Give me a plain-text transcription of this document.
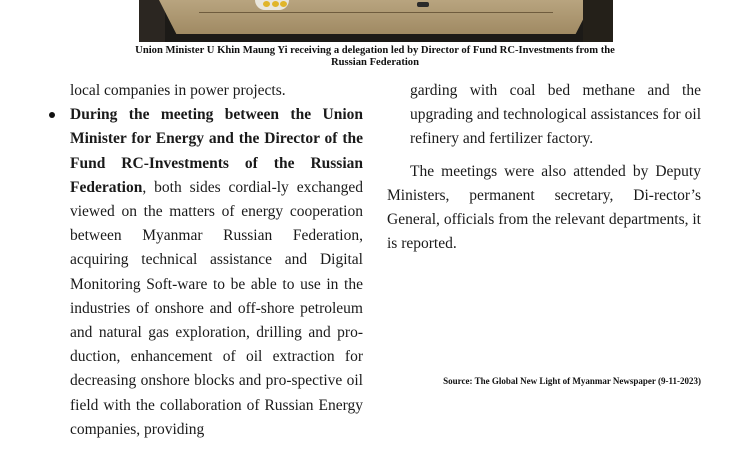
Union Minister U Khin Maung Yi receiving a delegation led by Director of Fund RC-Investments from the
Russian Federation

local companies in power projects.

During the meeting between the Union Minister for Energy and the Director of the Fund RC-Investments of the Russian Federation, both sides cordial-ly exchanged viewed on the matters of energy cooperation between Myanmar Russian Federation, acquiring technical assistance and Digital Monitoring Soft-ware to be able to use in the industries of onshore and off-shore petroleum and natural gas exploration, drilling and pro-duction, enhancement of oil extraction for decreasing onshore blocks and pro-spective oil field with the collaboration of Russian Energy companies, providing

garding with coal bed methane and the upgrading and technological assistances for oil refinery and fertilizer factory.

The meetings were also attended by Deputy Ministers, permanent secretary, Di-rector’s General, officials from the relevant departments, it is reported.

Source: The Global New Light of Myanmar Newspaper (9-11-2023)
